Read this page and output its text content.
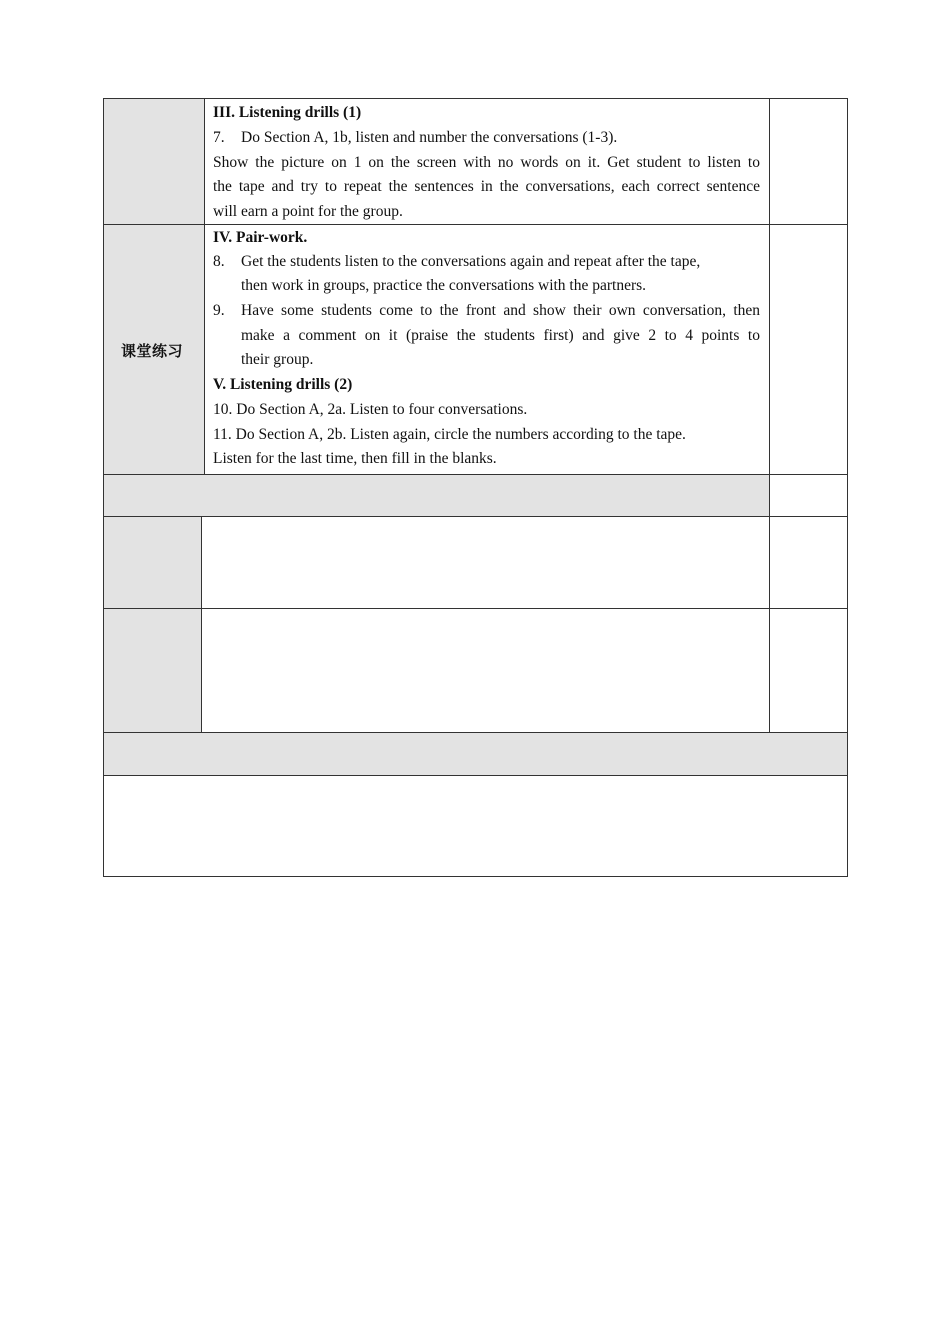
III. Listening drills (1)
7. Do Section A, 1b, listen and number the conversations (1-3).
Show the picture on 1 on the screen with no words on it. Get student to listen to
the tape and try to repeat the sentences in the conversations, each correct sentence
will earn a point for the group.
课堂练习
IV. Pair-work.
8. Get the students listen to the conversations again and repeat after the tape,
then work in groups, practice the conversations with the partners.
9. Have some students come to the front and show their own conversation, then
make a comment on it (praise the students first) and give 2 to 4 points to
their group.
V. Listening drills (2)
10. Do Section A, 2a. Listen to four conversations.
11. Do Section A, 2b. Listen again, circle the numbers according to the tape.
Listen for the last time, then fill in the blanks.
